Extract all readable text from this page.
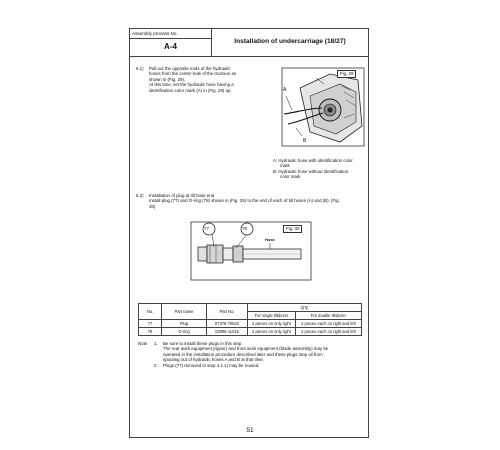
Assembly process No.
A-4
Installation of undercarriage (18/27)
6.1) Pull out the opposite ends of the hydraulic
hoses from the center hole of the trunnion as
shown in (Fig. 29).
At this time, set the hydraulic hose having a
identification color mark (A) in (Fig. 29) up.
Fig. 29
A
B
A: Hydraulic hose with identification color
mark
B: Hydraulic hose without identification
color mark
6.2) Installation of plug at tilt hose end
Install plug (77) and O-ring (78) shown in (Fig. 29) to the end of each of tilt hoses (A) and (B). (Fig.
30)
77	78
Hose
Fig. 30
No.	Part name	Part No.	Q'ty	
			For single tiltdozer	For double tiltdozer
77	Plug	07376-70622	2 pieces on only right	2 pieces each on right and left
78	O-ring	02896-11015	2 pieces on only right	2 pieces each on right and left
Note 1. Be sure to install these plugs in this step.
The rear work equipment (ripper) and front work equipment (blade assembly) may be
operated in the installation procedure described later and these plugs stop oil from
spouting out of hydraulic hoses A and B at that time.
2. Plugs (77) removed in step 4.1.1) may be reused.
51
